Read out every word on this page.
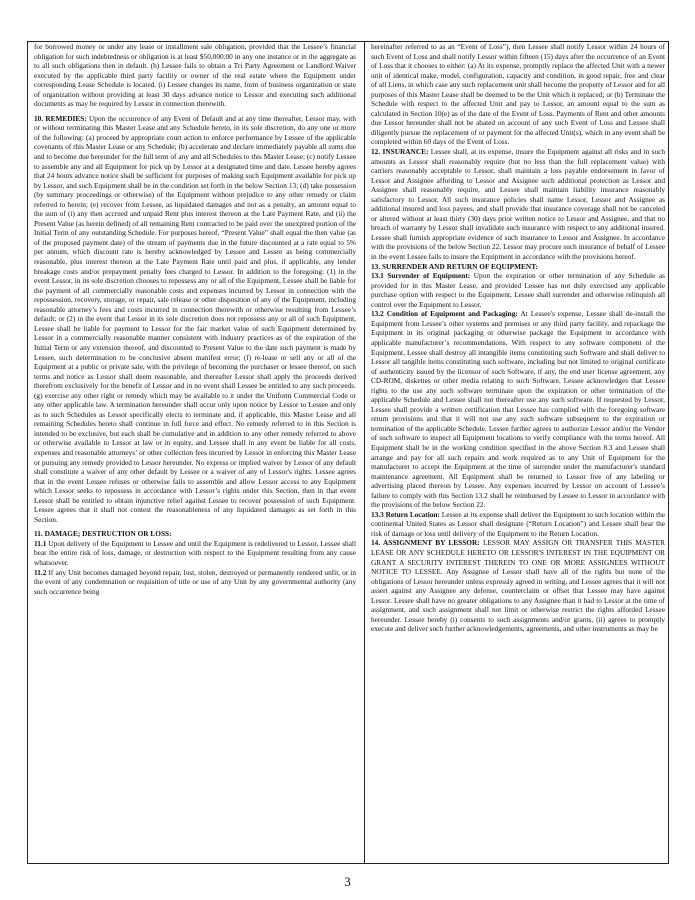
for borrowed money or under any lease or installment sale obligation, provided that the Lessee’s financial obligation for such indebtedness or obligation is at least $50,000.00 in any one instance or in the aggregate as to all such obligations then in default. (h) Lessee fails to obtain a Tri Party Agreement or Landlord Waiver executed by the applicable third party facility or owner of the real estate where the Equipment under corresponding Lease Schedule is located. (i) Lessee changes its name, form of business organization or state of organization without providing at least 30 days advance notice to Lessor and executing such additional documents as may be required by Lessor in connection therewith.

10. REMEDIES: Upon the occurrence of any Event of Default and at any time thereafter, Lessor may, with or without terminating this Master Lease and any Schedule hereto, in its sole discretion, do any one or more of the following: (a) proceed by appropriate court action to enforce performance by Lessee of the applicable covenants of this Master Lease or any Schedule; (b) accelerate and declare immediately payable all sums due and to become due hereunder for the full term of any and all Schedules to this Master Lease; (c) notify Lessee to assemble any and all Equipment for pick up by Lessor at a designated time and date. Lessee hereby agrees that 24 hours advance notice shall be sufficient for purposes of making such Equipment available for pick up by Lessor, and such Equipment shall be in the condition set forth in the below Section 13; (d) take possession (by summary proceedings or otherwise) of the Equipment without prejudice to any other remedy or claim referred to herein; (e) recover from Lessee, as liquidated damages and not as a penalty, an amount equal to the sum of (i) any then accrued and unpaid Rent plus interest thereon at the Late Payment Rate, and (ii) the Present Value (as herein defined) of all remaining Rent contracted to be paid over the unexpired portion of the Initial Term of any outstanding Schedule. For purposes hereof, “Present Value” shall equal the then value (as of the proposed payment date) of the stream of payments due in the future discounted at a rate equal to 5% per annum, which discount rate is hereby acknowledged by Lessee and Lessor as being commercially reasonable, plus interest thereon at the Late Payment Rate until paid and plus, if applicable, any lender breakage costs and/or prepayment penalty fees charged to Lessor. In addition to the foregoing: (1) in the event Lessor, in its sole discretion chooses to repossess any or all of the Equipment, Lessee shall be liable for the payment of all commercially reasonable costs and expenses incurred by Lessor in connection with the repossession, recovery, storage, or repair, sale release or other disposition of any of the Equipment, including reasonable attorney’s fees and costs incurred in connection therewith or otherwise resulting from Lessee’s default; or (2) in the event that Lessor in its sole discretion does not repossess any or all of such Equipment, Lessee shall be liable for payment to Lessor for the fair market value of such Equipment determined by Lessor in a commercially reasonable manner consistent with industry practices as of the expiration of the Initial Term or any extension thereof, and discounted to Present Value to the date such payment is made by Lessee, such determination to be conclusive absent manifest error; (f) re-lease or sell any or all of the Equipment at a public or private sale, with the privilege of becoming the purchaser or lessee thereof, on such terms and notice as Lessor shall deem reasonable, and thereafter Lessor shall apply the proceeds derived therefrom exclusively for the benefit of Lessor and in no event shall Lessee be entitled to any such proceeds. (g) exercise any other right or remedy which may be available to it under the Uniform Commercial Code or any other applicable law. A termination hereunder shall occur only upon notice by Lessor to Lessee and only as to such Schedules as Lessor specifically elects to terminate and, if applicable, this Master Lease and all remaining Schedules hereto shall continue in full force and effect. No remedy referred to in this Section is intended to be exclusive, but each shall be cumulative and in addition to any other remedy referred to above or otherwise available to Lessor at law or in equity, and Lessee shall in any event be liable for all costs, expenses and reasonable attorneys’ or other collection fees incurred by Lessor in enforcing this Master Lease or pursuing any remedy provided to Lessor hereunder. No express or implied waiver by Lessor of any default shall constitute a waiver of any other default by Lessee or a waiver of any of Lessor's rights. Lessee agrees that in the event Lessee refuses or otherwise fails to assemble and allow Lessor access to any Equipment which Lessor seeks to repossess in accordance with Lessor’s rights under this Section, then in that event Lessor shall be entitled to obtain injunctive relief against Lessee to recover possession of such Equipment. Lessee agrees that it shall not contest the reasonableness of any liquidated damages as set forth in this Section.

11. DAMAGE; DESTRUCTION OR LOSS:

11.1 Upon delivery of the Equipment to Lessee and until the Equipment is redelivered to Lessor, Lessee shall bear the entire risk of loss, damage, or destruction with respect to the Equipment resulting from any cause whatsoever.

11.2 If any Unit becomes damaged beyond repair, lost, stolen, destroyed or permanently rendered unfit, or in the event of any condemnation or requisition of title or use of any Unit by any governmental authority (any such occurrence being

hereinafter referred to as an “Event of Loss”), then Lessee shall notify Lessor within 24 hours of such Event of Loss and shall notify Lessor within fifteen (15) days after the occurrence of an Event of Loss that it chooses to either: (a) At its expense, promptly replace the affected Unit with a newer unit of identical make, model, configuration, capacity and condition, in good repair, free and clear of all Liens, in which case any such replacement unit shall become the property of Lessor and for all purposes of this Master Lease shall be deemed to be the Unit which it replaced; or (b) Terminate the Schedule with respect to the affected Unit and pay to Lessor, an amount equal to the sum as calculated in Section 10(e) as of the date of the Event of Loss. Payments of Rent and other amounts due Lessor hereunder shall not be abated on account of any such Event of Loss and Lessee shall diligently pursue the replacement of or payment for the affected Unit(s), which in any event shall be completed within 60 days of the Event of Loss.

12. INSURANCE: Lessee shall, at its expense, insure the Equipment against all risks and in such amounts as Lessor shall reasonably require (but no less than the full replacement value) with carriers reasonably acceptable to Lessor, shall maintain a loss payable endorsement in favor of Lessor and Assignee affording to Lessor and Assignee such additional protection as Lessor and Assignee shall reasonably require, and Lessee shall maintain liability insurance reasonably satisfactory to Lessor. All such insurance policies shall name Lessor, Lessor and Assignee as additional insured and loss payees, and shall provide that insurance coverage shall not be canceled or altered without at least thirty (30) days prior written notice to Lessor and Assignee, and that no breach of warranty by Lessor shall invalidate such insurance with respect to any additional insured. Lessee shall furnish appropriate evidence of such insurance to Lessor and Assignee. In accordance with the provisions of the below Section 22, Lessor may procure such insurance of behalf of Lessee in the event Lessee fails to insure the Equipment in accordance with the provisions hereof.

13. SURRENDER AND RETURN OF EQUIPMENT:

13.1 Surrender of Equipment: Upon the expiration or other termination of any Schedule as provided for in this Master Lease, and provided Lessee has not duly exercised any applicable purchase option with respect to the Equipment, Lessee shall surrender and otherwise relinquish all control over the Equipment to Lessor.

13.2 Condition of Equipment and Packaging: At Lessee's expense, Lessee shall de-install the Equipment from Lessee’s other systems and premises or any third party facility, and repackage the Equipment in its original packaging or otherwise package the Equipment in accordance with applicable manufacturer’s recommendations. With respect to any software component of the Equipment, Lessee shall destroy all intangible items constituting such Software and shall deliver to Lessor all tangible items constituting such software, including but not limited to original certificate of authenticity issued by the licensor of such Software, if any, the end user license agreement, any CD-ROM, diskettes or other media relating to such Software. Lessee acknowledges that Lessee rights to the use any such software terminate upon the expiration or other termination of the applicable Schedule and Lessee shall not thereafter use any such software. If requested by Lessor, Lessee shall provide a written certification that Lessee has complied with the foregoing software return provisions and that it will not use any such software subsequent to the expiration or termination of the applicable Schedule. Lessee further agrees to authorize Lessor and/or the Vendor of such software to inspect all Equipment locations to verify compliance with the terms hereof. All Equipment shall be in the working condition specified in the above Section 8.3 and Lessee shall arrange and pay for all such repairs and work required as to any Unit of Equipment for the manufacturer to accept the Equipment at the time of surrender under the manufacturer's standard maintenance agreement. All Equipment shall be returned to Lessor free of any labeling or advertising placed thereon by Lessee. Any expenses incurred by Lessor on account of Lessee’s failure to comply with this Section 13.2 shall be reimbursed by Lessee to Lessor in accordance with the provisions of the below Section 22.

13.3 Return Location: Lessee at its expense shall deliver the Equipment to such location within the continental United States as Lessor shall designate (“Return Location”) and Lessee shall bear the risk of damage or loss until delivery of the Equipment to the Return Location.

14. ASSIGNMENT BY LESSOR: LESSOR MAY ASSIGN OR TRANSFER THIS MASTER LEASE OR ANY SCHEDULE HERETO OR LESSOR'S INTEREST IN THE EQUIPMENT OR GRANT A SECURITY INTEREST THEREIN TO ONE OR MORE ASSIGNEES WITHOUT NOTICE TO LESSEE. Any Assignee of Lessor shall have all of the rights but none of the obligations of Lessor hereunder unless expressly agreed in writing, and Lessee agrees that it will not assert against any Assignee any defense, counterclaim or offset that Lessee may have against Lessor. Lessee shall have no greater obligations to any Assignee than it had to Lessor at the time of assignment, and such assignment shall not limit or otherwise restrict the rights afforded Lessee hereunder. Lessee hereby (i) consents to such assignments and/or grants, (ii) agrees to promptly execute and deliver such further acknowledgements, agreements, and other instruments as may be

3
